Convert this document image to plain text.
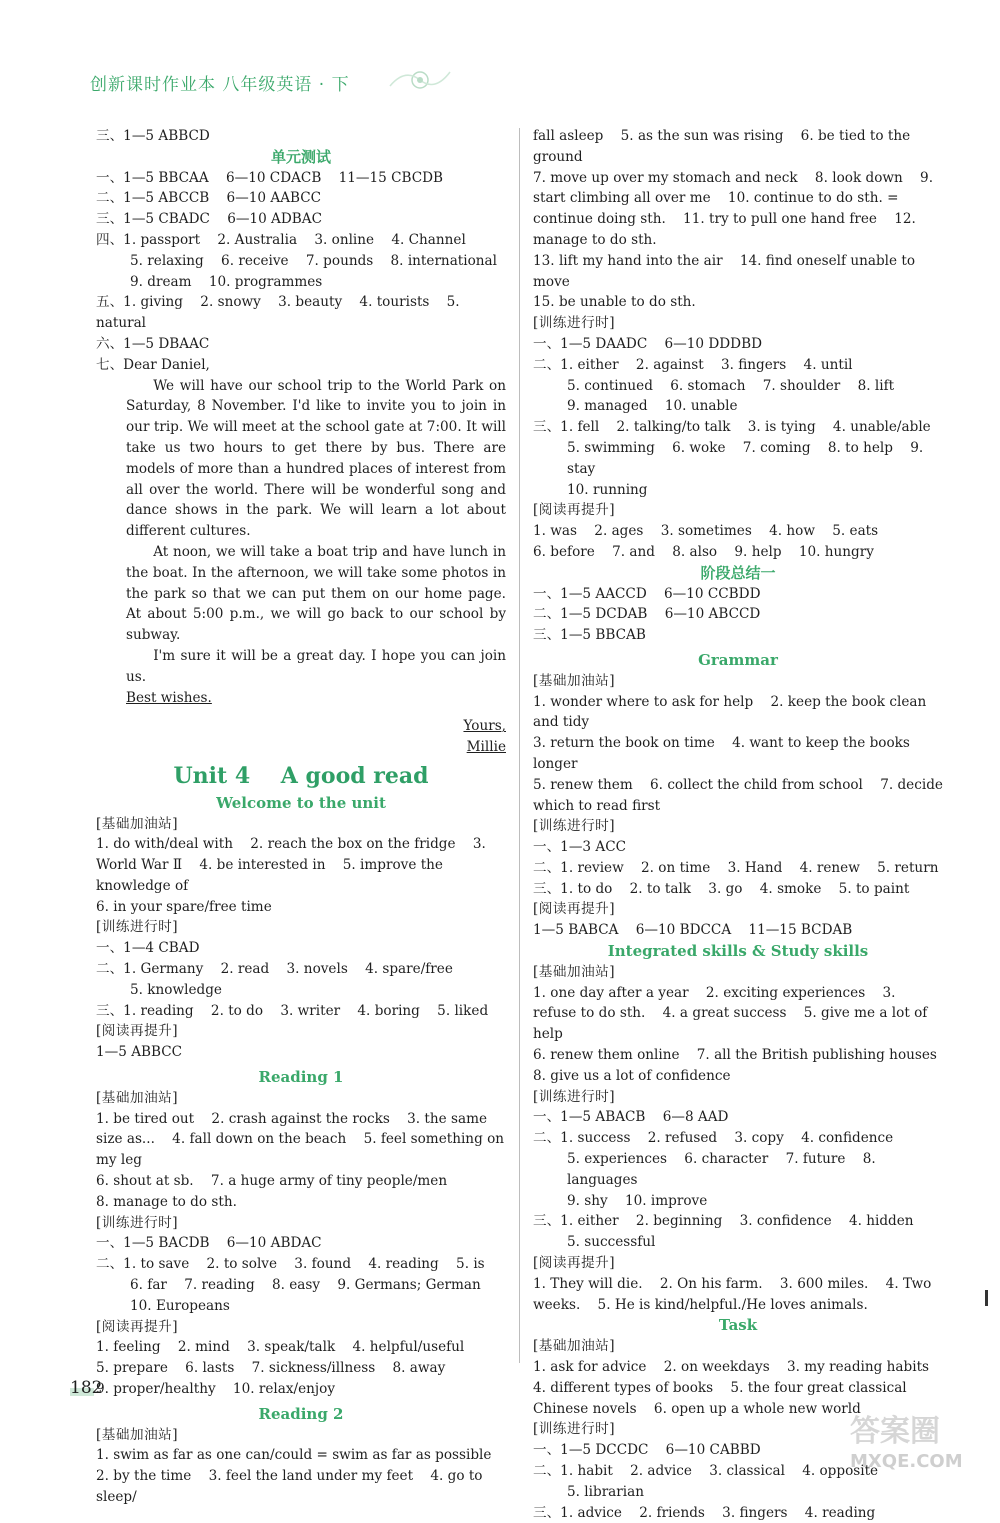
创新课时作业本 八年级英语 · 下

三、1—5 ABBCD

单元测试

一、1—5 BBCAA    6—10 CDACB    11—15 CBCDB

二、1—5 ABCCB    6—10 AABCC

三、1—5 CBADC    6—10 ADBAC

四、1. passport    2. Australia    3. online    4. Channel

5. relaxing    6. receive    7. pounds    8. international

9. dream    10. programmes

五、1. giving    2. snowy    3. beauty    4. tourists    5. natural

六、1—5 DBAAC

七、Dear Daniel,

We will have our school trip to the World Park on Saturday, 8 November. I'd like to invite you to join in our trip. We will meet at the school gate at 7:00. It will take us two hours to get there by bus. There are models of more than a hundred places of interest from all over the world. There will be wonderful song and dance shows in the park. We will learn a lot about different cultures.

At noon, we will take a boat trip and have lunch in the boat. In the afternoon, we will take some photos in the park so that we can put them on our home page. At about 5:00 p.m., we will go back to our school by subway.

I'm sure it will be a great day. I hope you can join us.

Best wishes.

Yours,

Millie

Unit 4    A good read

Welcome to the unit

[基础加油站]

1. do with/deal with    2. reach the box on the fridge    3. World War Ⅱ    4. be interested in    5. improve the knowledge of

6. in your spare/free time

[训练进行时]

一、1—4 CBAD

二、1. Germany    2. read    3. novels    4. spare/free

5. knowledge

三、1. reading    2. to do    3. writer    4. boring    5. liked

[阅读再提升]

1—5 ABBCC

Reading 1

[基础加油站]

1. be tired out    2. crash against the rocks    3. the same size as...    4. fall down on the beach    5. feel something on my leg

6. shout at sb.    7. a huge army of tiny people/men

8. manage to do sth.

[训练进行时]

一、1—5 BACDB    6—10 ABDAC

二、1. to save    2. to solve    3. found    4. reading    5. is

6. far    7. reading    8. easy    9. Germans; German

10. Europeans

[阅读再提升]

1. feeling    2. mind    3. speak/talk    4. helpful/useful

5. prepare    6. lasts    7. sickness/illness    8. away

9. proper/healthy    10. relax/enjoy

Reading 2

[基础加油站]

1. swim as far as one can/could = swim as far as possible

2. by the time    3. feel the land under my feet    4. go to sleep/

fall asleep    5. as the sun was rising    6. be tied to the ground

7. move up over my stomach and neck    8. look down    9. start climbing all over me    10. continue to do sth. = continue doing sth.    11. try to pull one hand free    12. manage to do sth.

13. lift my hand into the air    14. find oneself unable to move

15. be unable to do sth.

[训练进行时]

一、1—5 DAADC    6—10 DDDBD

二、1. either    2. against    3. fingers    4. until

5. continued    6. stomach    7. shoulder    8. lift

9. managed    10. unable

三、1. fell    2. talking/to talk    3. is tying    4. unable/able

5. swimming    6. woke    7. coming    8. to help    9. stay

10. running

[阅读再提升]

1. was    2. ages    3. sometimes    4. how    5. eats

6. before    7. and    8. also    9. help    10. hungry

阶段总结一

一、1—5 AACCD    6—10 CCBDD

二、1—5 DCDAB    6—10 ABCCD

三、1—5 BBCAB

Grammar

[基础加油站]

1. wonder where to ask for help    2. keep the book clean and tidy

3. return the book on time    4. want to keep the books longer

5. renew them    6. collect the child from school    7. decide which to read first

[训练进行时]

一、1—3 ACC

二、1. review    2. on time    3. Hand    4. renew    5. return

三、1. to do    2. to talk    3. go    4. smoke    5. to paint

[阅读再提升]

1—5 BABCA    6—10 BDCCA    11—15 BCDAB

Integrated skills & Study skills

[基础加油站]

1. one day after a year    2. exciting experiences    3. refuse to do sth.    4. a great success    5. give me a lot of help

6. renew them online    7. all the British publishing houses

8. give us a lot of confidence

[训练进行时]

一、1—5 ABACB    6—8 AAD

二、1. success    2. refused    3. copy    4. confidence

5. experiences    6. character    7. future    8. languages

9. shy    10. improve

三、1. either    2. beginning    3. confidence    4. hidden

5. successful

[阅读再提升]

1. They will die.    2. On his farm.    3. 600 miles.    4. Two weeks.    5. He is kind/helpful./He loves animals.

Task

[基础加油站]

1. ask for advice    2. on weekdays    3. my reading habits

4. different types of books    5. the four great classical Chinese novels    6. open up a whole new world

[训练进行时]

一、1—5 DCCDC    6—10 CABBD

二、1. habit    2. advice    3. classical    4. opposite

5. librarian

三、1. advice    2. friends    3. fingers    4. reading

182
答案圈
MXQE.COM
